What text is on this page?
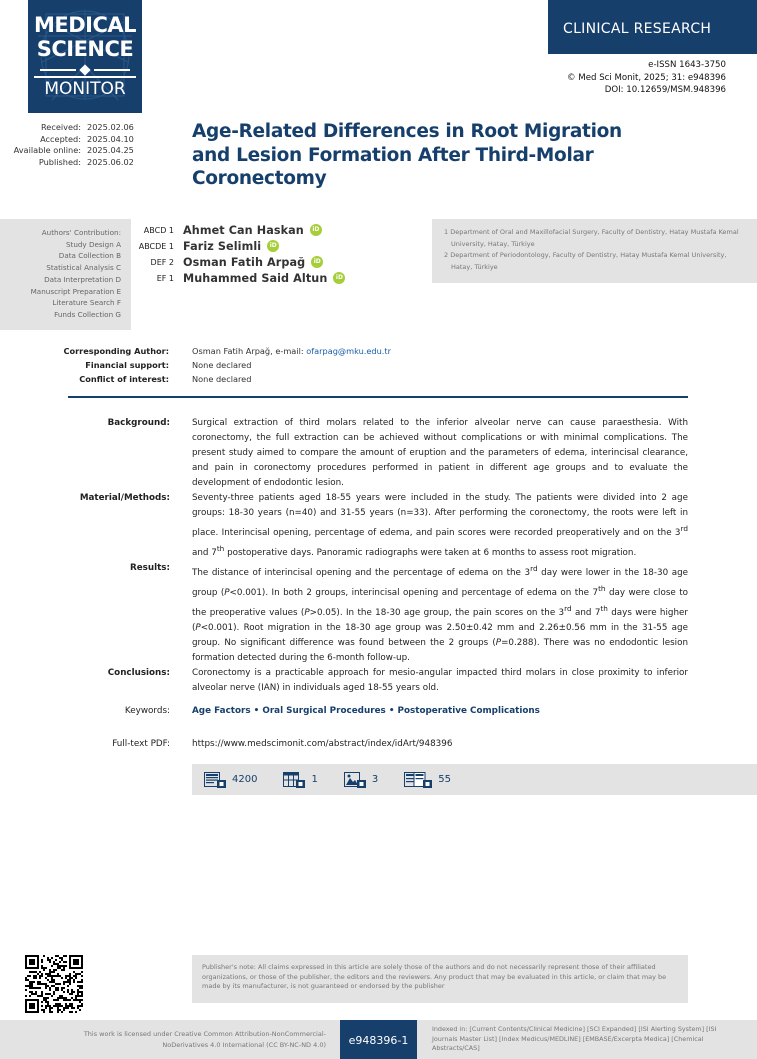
MEDICAL
SCIENCE
MONITOR
CLINICAL RESEARCH
e-ISSN 1643-3750
© Med Sci Monit, 2025; 31: e948396
DOI: 10.12659/MSM.948396
Received: 2025.02.06
Accepted: 2025.04.10
Available online: 2025.04.25
Published: 2025.06.02
Age-Related Differences in Root Migration and Lesion Formation After Third-Molar Coronectomy
Authors' Contribution:
Study Design A
Data Collection B
Statistical Analysis C
Data Interpretation D
Manuscript Preparation E
Literature Search F
Funds Collection G
ABCD 1 Ahmet Can Haskan	iD
ABCDE 1 Fariz Selimli	iD
DEF 2 Osman Fatih Arpağ	iD
EF 1 Muhammed Said Altun	iD
1 Department of Oral and Maxillofacial Surgery, Faculty of Dentistry, Hatay Mustafa Kemal University, Hatay, Türkiye
2 Department of Periodontology, Faculty of Dentistry, Hatay Mustafa Kemal University, Hatay, Türkiye
Corresponding Author:	Osman Fatih Arpağ, e-mail: ofarpag@mku.edu.tr
Financial support:	None declared
Conflict of interest:	None declared
Background:	Surgical extraction of third molars related to the inferior alveolar nerve can cause paraesthesia. With coronectomy, the full extraction can be achieved without complications or with minimal complications. The present study aimed to compare the amount of eruption and the parameters of edema, interincisal clearance, and pain in coronectomy procedures performed in patient in different age groups and to evaluate the development of endodontic lesion.
Material/Methods:	Seventy-three patients aged 18-55 years were included in the study. The patients were divided into 2 age groups: 18-30 years (n=40) and 31-55 years (n=33). After performing the coronectomy, the roots were left in place. Interincisal opening, percentage of edema, and pain scores were recorded preoperatively and on the 3rd and 7th postoperative days. Panoramic radiographs were taken at 6 months to assess root migration.
Results:	The distance of interincisal opening and the percentage of edema on the 3rd day were lower in the 18-30 age group (P<0.001). In both 2 groups, interincisal opening and percentage of edema on the 7th day were close to the preoperative values (P>0.05). In the 18-30 age group, the pain scores on the 3rd and 7th days were higher (P<0.001). Root migration in the 18-30 age group was 2.50±0.42 mm and 2.26±0.56 mm in the 31-55 age group. No significant difference was found between the 2 groups (P=0.288). There was no endodontic lesion formation detected during the 6-month follow-up.
Conclusions:	Coronectomy is a practicable approach for mesio-angular impacted third molars in close proximity to inferior alveolar nerve (IAN) in individuals aged 18-55 years old.
Keywords:	Age Factors • Oral Surgical Procedures • Postoperative Complications
Full-text PDF:	https://www.medscimonit.com/abstract/index/idArt/948396
4200	1	3	55
Publisher's note: All claims expressed in this article are solely those of the authors and do not necessarily represent those of their affiliated organizations, or those of the publisher, the editors and the reviewers. Any product that may be evaluated in this article, or claim that may be made by its manufacturer, is not guaranteed or endorsed by the publisher
This work is licensed under Creative Common Attribution-NonCommercial-NoDerivatives 4.0 International (CC BY-NC-ND 4.0)	e948396-1
Indexed in: [Current Contents/Clinical Medicine] [SCI Expanded] [ISI Alerting System] [ISI Journals Master List] [Index Medicus/MEDLINE] [EMBASE/Excerpta Medica] [Chemical Abstracts/CAS]
